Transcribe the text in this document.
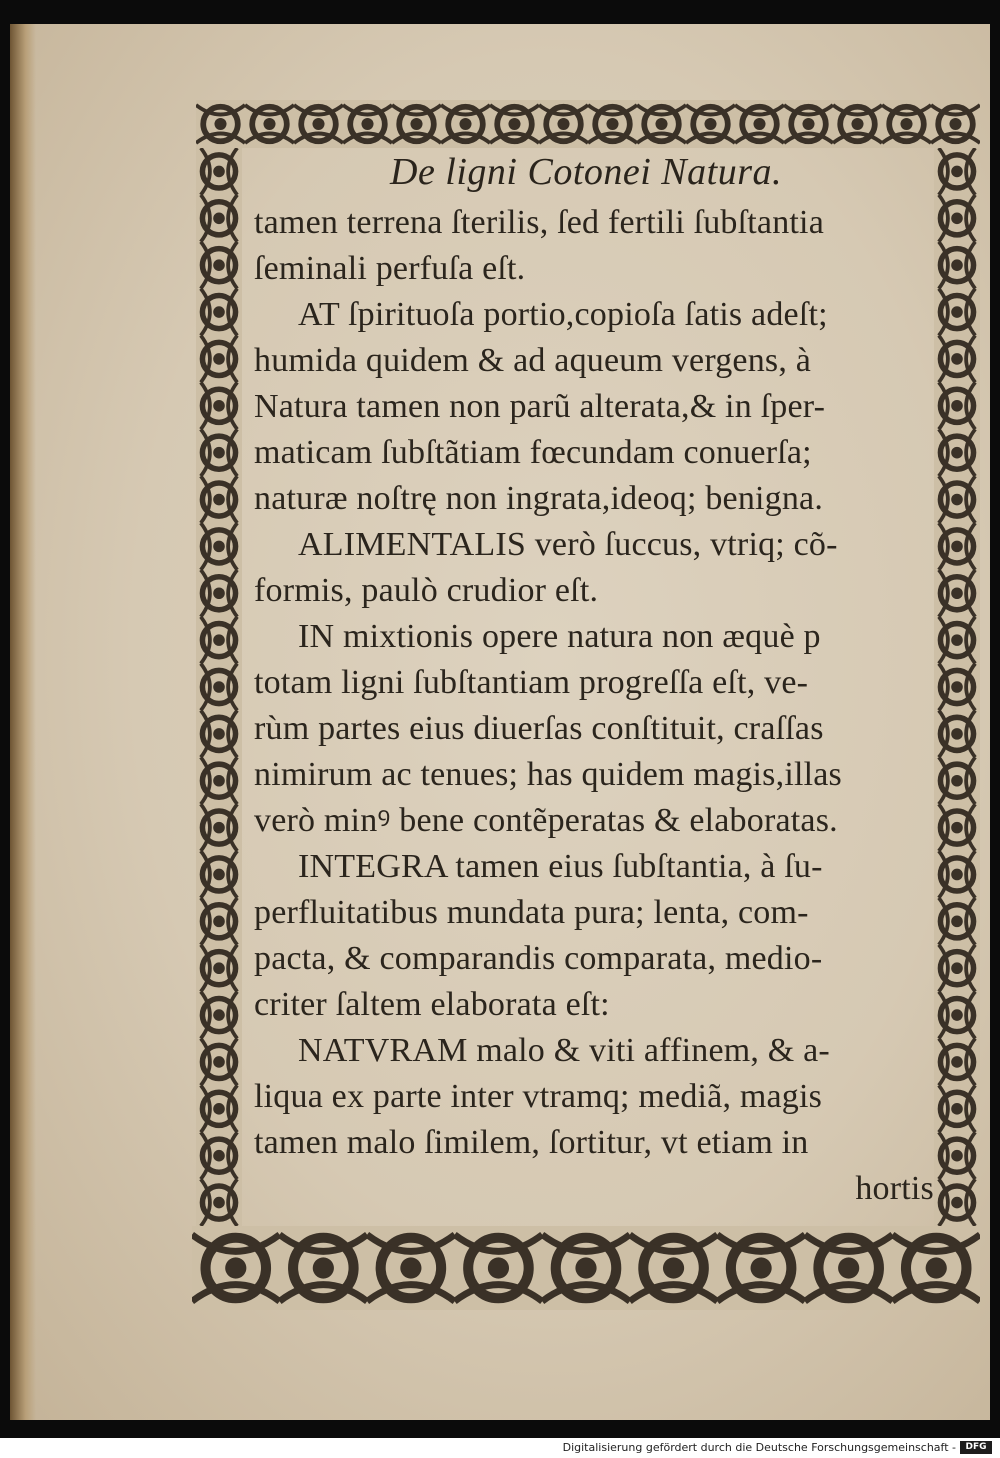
De ligni Cotonei Natura.
tamen terrena ſterilis, ſed fertili ſubſtantia
ſeminali perfuſa eſt.
AT ſpirituoſa portio,copioſa ſatis adeſt;
humida quidem & ad aqueum vergens, à
Natura tamen non parũ alterata,& in ſper-
maticam ſubſtãtiam fœcundam conuerſa;
naturæ noſtrę non ingrata,ideoq; benigna.
ALIMENTALIS verò ſuccus, vtriq; cõ-
formis, paulò crudior eſt.
IN mixtionis opere natura non æquè p
totam ligni ſubſtantiam progreſſa eſt, ve-
rùm partes eius diuerſas conſtituit, craſſas
nimirum ac tenues; has quidem magis,illas
verò minꝰ bene contẽperatas & elaboratas.
INTEGRA tamen eius ſubſtantia, à ſu-
perfluitatibus mundata pura; lenta, com-
pacta, & comparandis comparata, medio-
criter ſaltem elaborata eſt:
NATVRAM malo & viti affinem, & a-
liqua ex parte inter vtramq; mediã, magis
tamen malo ſimilem, ſortitur, vt etiam in
hortis
Digitalisierung gefördert durch die Deutsche Forschungsgemeinschaft -	DFG
